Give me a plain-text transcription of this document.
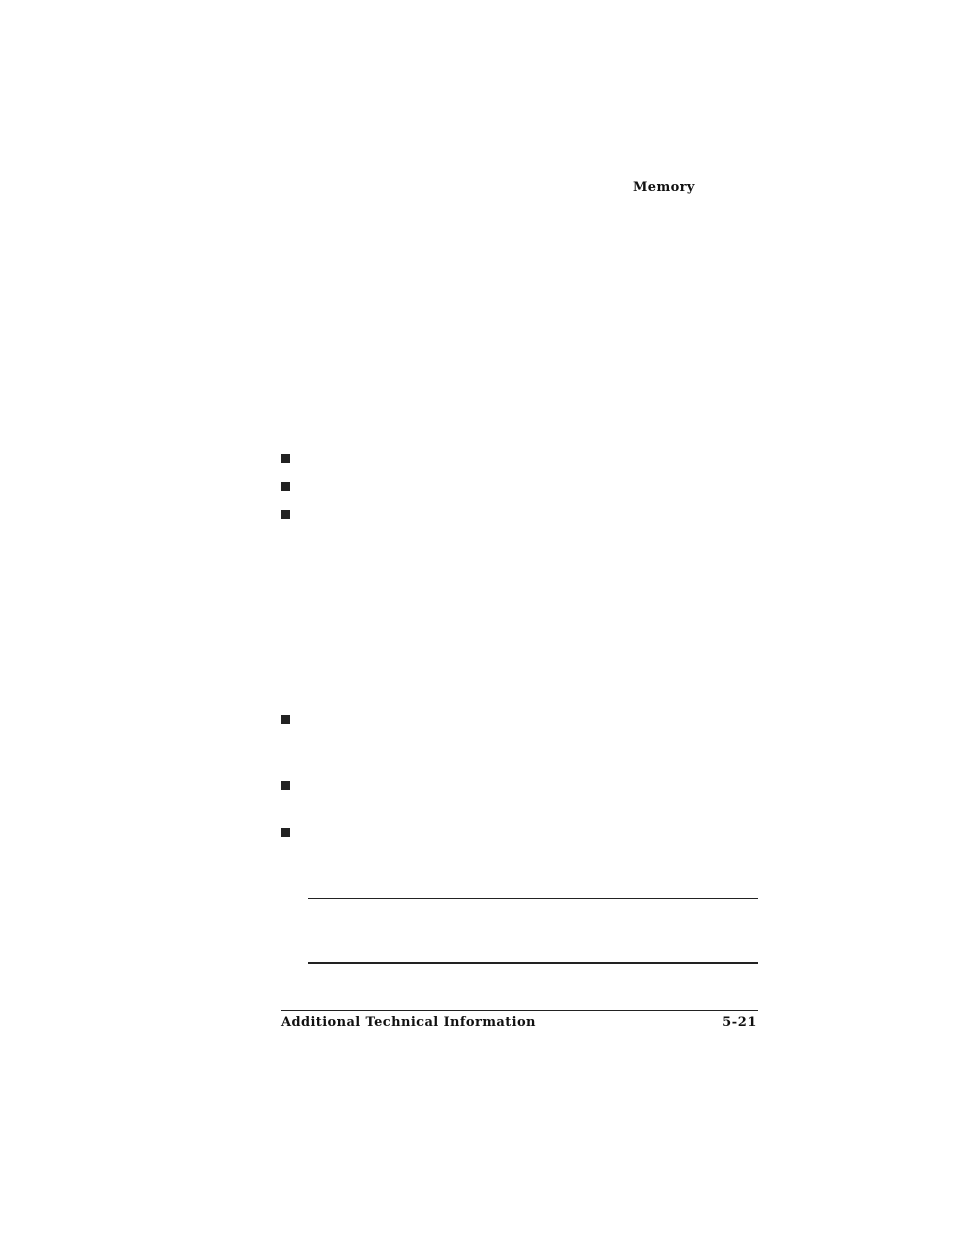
Memory
Additional Technical Information	5-21
